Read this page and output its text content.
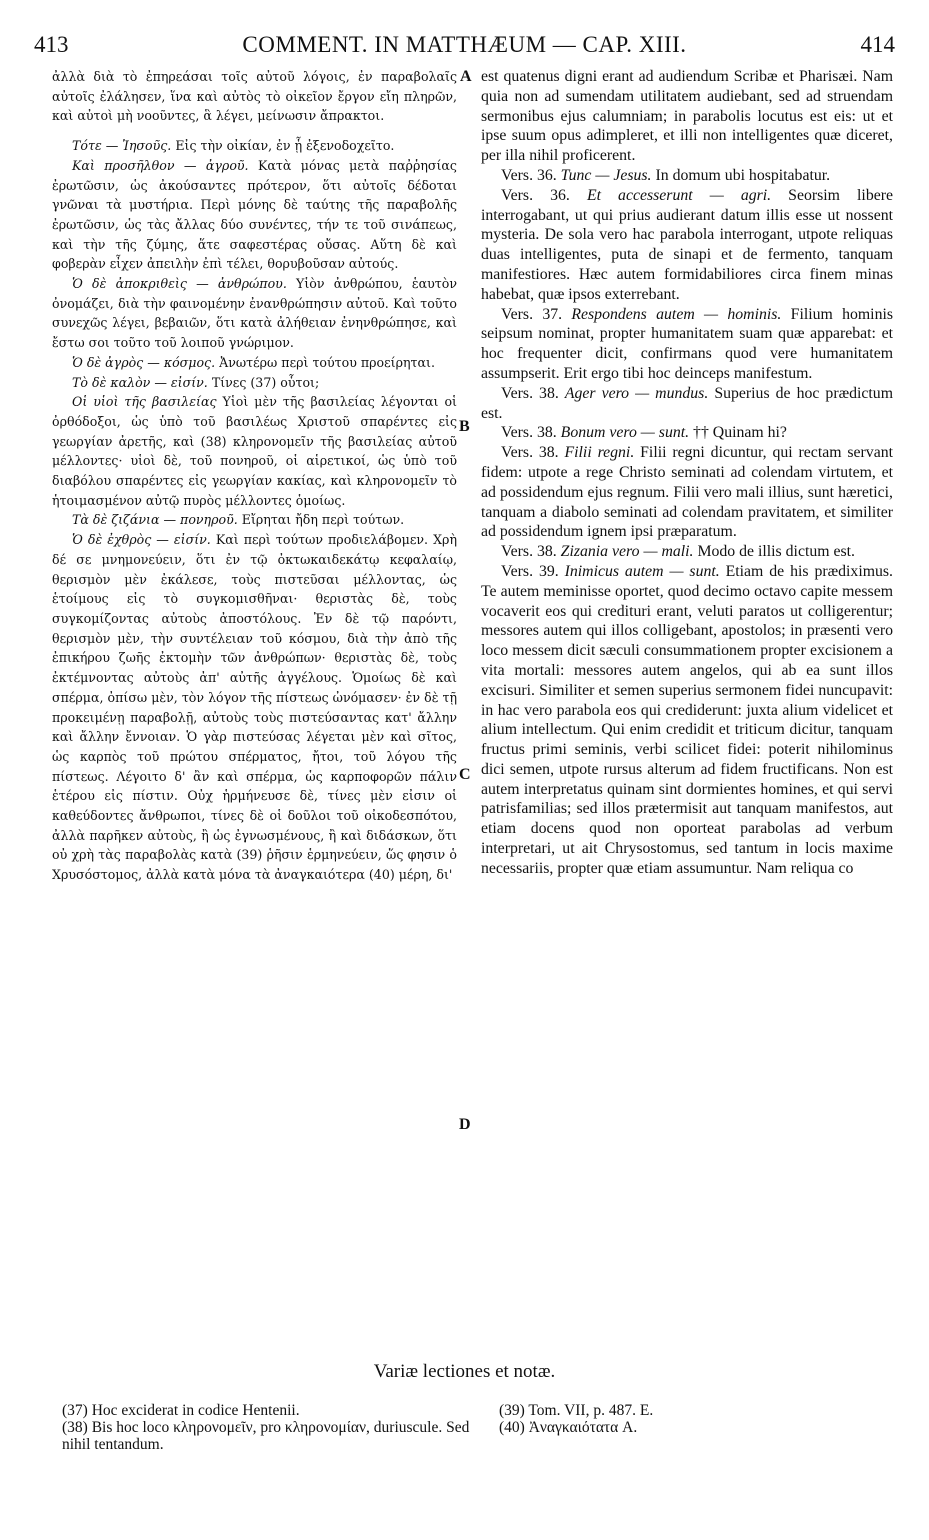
413	COMMENT. IN MATTHÆUM — CAP. XIII.	414

ἀλλὰ διὰ τὸ ἐπηρεάσαι τοῖς αὐτοῦ λόγοις, ἐν παραβολαῖς αὐτοῖς ἐλάλησεν, ἵνα καὶ αὐτὸς τὸ οἰκεῖον ἔργον εἴη πληρῶν, καὶ αὐτοὶ μὴ νοοῦντες, ἃ λέγει, μείνωσιν ἄπρακτοι.

Τότε — Ἰησοῦς. Εἰς τὴν οἰκίαν, ἐν ᾗ ἐξενοδοχεῖτο.

Καὶ προσῆλθον — ἀγροῦ. Κατὰ μόνας μετὰ παῤῥησίας ἐρωτῶσιν, ὡς ἀκούσαντες πρότερον, ὅτι αὐτοῖς δέδοται γνῶναι τὰ μυστήρια. Περὶ μόνης δὲ ταύτης τῆς παραβολῆς ἐρωτῶσιν, ὡς τὰς ἄλλας δύο συνέντες, τήν τε τοῦ σινάπεως, καὶ τὴν τῆς ζύμης, ἅτε σαφεστέρας οὔσας. Αὕτη δὲ καὶ φοβερὰν εἶχεν ἀπειλὴν ἐπὶ τέλει, θορυβοῦσαν αὐτούς.

Ὁ δὲ ἀποκριθεὶς — ἀνθρώπου. Υἱὸν ἀνθρώπου, ἑαυτὸν ὀνομάζει, διὰ τὴν φαινομένην ἐνανθρώπησιν αὐτοῦ. Καὶ τοῦτο συνεχῶς λέγει, βεβαιῶν, ὅτι κατὰ ἀλήθειαν ἐνηνθρώπησε, καὶ ἔστω σοι τοῦτο τοῦ λοιποῦ γνώριμον.

Ὁ δὲ ἀγρὸς — κόσμος. Ἀνωτέρω περὶ τούτου προείρηται.

Τὸ δὲ καλὸν — εἰσίν. Τίνες (37) οὗτοι;

Οἱ υἱοὶ τῆς βασιλείας Υἱοὶ μὲν τῆς βασιλείας λέγονται οἱ ὀρθόδοξοι, ὡς ὑπὸ τοῦ βασιλέως Χριστοῦ σπαρέντες εἰς γεωργίαν ἀρετῆς, καὶ (38) κληρονομεῖν τῆς βασιλείας αὐτοῦ μέλλοντες· υἱοὶ δὲ, τοῦ πονηροῦ, οἱ αἱρετικοί, ὡς ὑπὸ τοῦ διαβόλου σπαρέντες εἰς γεωργίαν κακίας, καὶ κληρονομεῖν τὸ ἡτοιμασμένον αὐτῷ πυρὸς μέλλοντες ὁμοίως.

Τὰ δὲ ζιζάνια — πονηροῦ. Εἴρηται ἤδη περὶ τούτων.

Ὁ δὲ ἐχθρὸς — εἰσίν. Καὶ περὶ τούτων προδιελάβομεν. Χρὴ δέ σε μνημονεύειν, ὅτι ἐν τῷ ὀκτωκαιδεκάτῳ κεφαλαίῳ, θερισμὸν μὲν ἐκάλεσε, τοὺς πιστεῦσαι μέλλοντας, ὡς ἑτοίμους εἰς τὸ συγκομισθῆναι· θεριστὰς δὲ, τοὺς συγκομίζοντας αὐτοὺς ἀποστόλους. Ἐν δὲ τῷ παρόντι, θερισμὸν μὲν, τὴν συντέλειαν τοῦ κόσμου, διὰ τὴν ἀπὸ τῆς ἐπικήρου ζωῆς ἐκτομὴν τῶν ἀνθρώπων· θεριστὰς δὲ, τοὺς ἐκτέμνοντας αὐτοὺς ἀπ' αὐτῆς ἀγγέλους. Ὁμοίως δὲ καὶ σπέρμα, ὀπίσω μὲν, τὸν λόγον τῆς πίστεως ὠνόμασεν· ἐν δὲ τῇ προκειμένῃ παραβολῇ, αὐτοὺς τοὺς πιστεύσαντας κατ' ἄλλην καὶ ἄλλην ἔννοιαν. Ὁ γὰρ πιστεύσας λέγεται μὲν καὶ σῖτος, ὡς καρπὸς τοῦ πρώτου σπέρματος, ἤτοι, τοῦ λόγου τῆς πίστεως. Λέγοιτο δ' ἂν καὶ σπέρμα, ὡς καρποφορῶν πάλιν ἑτέρου εἰς πίστιν. Οὐχ ἡρμήνευσε δὲ, τίνες μὲν εἰσιν οἱ καθεύδοντες ἄνθρωποι, τίνες δὲ οἱ δοῦλοι τοῦ οἰκοδεσπότου, ἀλλὰ παρῆκεν αὐτοὺς, ἢ ὡς ἐγνωσμένους, ἢ καὶ διδάσκων, ὅτι οὐ χρὴ τὰς παραβολὰς κατὰ (39) ῥῆσιν ἑρμηνεύειν, ὥς φησιν ὁ Χρυσόστομος, ἀλλὰ κατὰ μόνα τὰ ἀναγκαιότερα (40) μέρη, δι'

A
B
C
D

est quatenus digni erant ad audiendum Scribæ et Pharisæi. Nam quia non ad sumendam utilitatem audiebant, sed ad struendam sermonibus ejus calumniam; in parabolis locutus est eis: ut et ipse suum opus adimpleret, et illi non intelligentes quæ diceret, per illa nihil proficerent.

Vers. 36. Tunc — Jesus. In domum ubi hospitabatur.

Vers. 36. Et accesserunt — agri. Seorsim libere interrogabant, ut qui prius audierant datum illis esse ut nossent mysteria. De sola vero hac parabola interrogant, utpote reliquas duas intelligentes, puta de sinapi et de fermento, tanquam manifestiores. Hæc autem formidabiliores circa finem minas habebat, quæ ipsos exterrebant.

Vers. 37. Respondens autem — hominis. Filium hominis seipsum nominat, propter humanitatem suam quæ apparebat: et hoc frequenter dicit, confirmans quod vere humanitatem assumpserit. Erit ergo tibi hoc deinceps manifestum.

Vers. 38. Ager vero — mundus. Superius de hoc prædictum est.

Vers. 38. Bonum vero — sunt. †† Quinam hi?

Vers. 38. Filii regni. Filii regni dicuntur, qui rectam servant fidem: utpote a rege Christo seminati ad colendam virtutem, et ad possidendum ejus regnum. Filii vero mali illius, sunt hæretici, tanquam a diabolo seminati ad colendam pravitatem, et similiter ad possidendum ignem ipsi præparatum.

Vers. 38. Zizania vero — mali. Modo de illis dictum est.

Vers. 39. Inimicus autem — sunt. Etiam de his prædiximus. Te autem meminisse oportet, quod decimo octavo capite messem vocaverit eos qui credituri erant, veluti paratos ut colligerentur; messores autem qui illos colligebant, apostolos; in præsenti vero loco messem dicit sæculi consummationem propter excisionem a vita mortali: messores autem angelos, qui ab ea sunt illos excisuri. Similiter et semen superius sermonem fidei nuncupavit: in hac vero parabola eos qui crediderunt: juxta alium videlicet et alium intellectum. Qui enim credidit et triticum dicitur, tanquam fructus primi seminis, verbi scilicet fidei: poterit nihilominus dici semen, utpote rursus alterum ad fidem fructificans. Non est autem interpretatus quinam sint dormientes homines, et qui servi patrisfamilias; sed illos prætermisit aut tanquam manifestos, aut etiam docens quod non oporteat parabolas ad verbum interpretari, ut ait Chrysostomus, sed tantum in locis maxime necessariis, propter quæ etiam assumuntur. Nam reliqua co

Variæ lectiones et notæ.

(37) Hoc exciderat in codice Hentenii.

(38) Bis hoc loco κληρονομεῖν, pro κληρονομίαν, duriuscule. Sed nihil tentandum.

(39) Tom. VII, p. 487. E.

(40) Ἀναγκαιότατα A.
